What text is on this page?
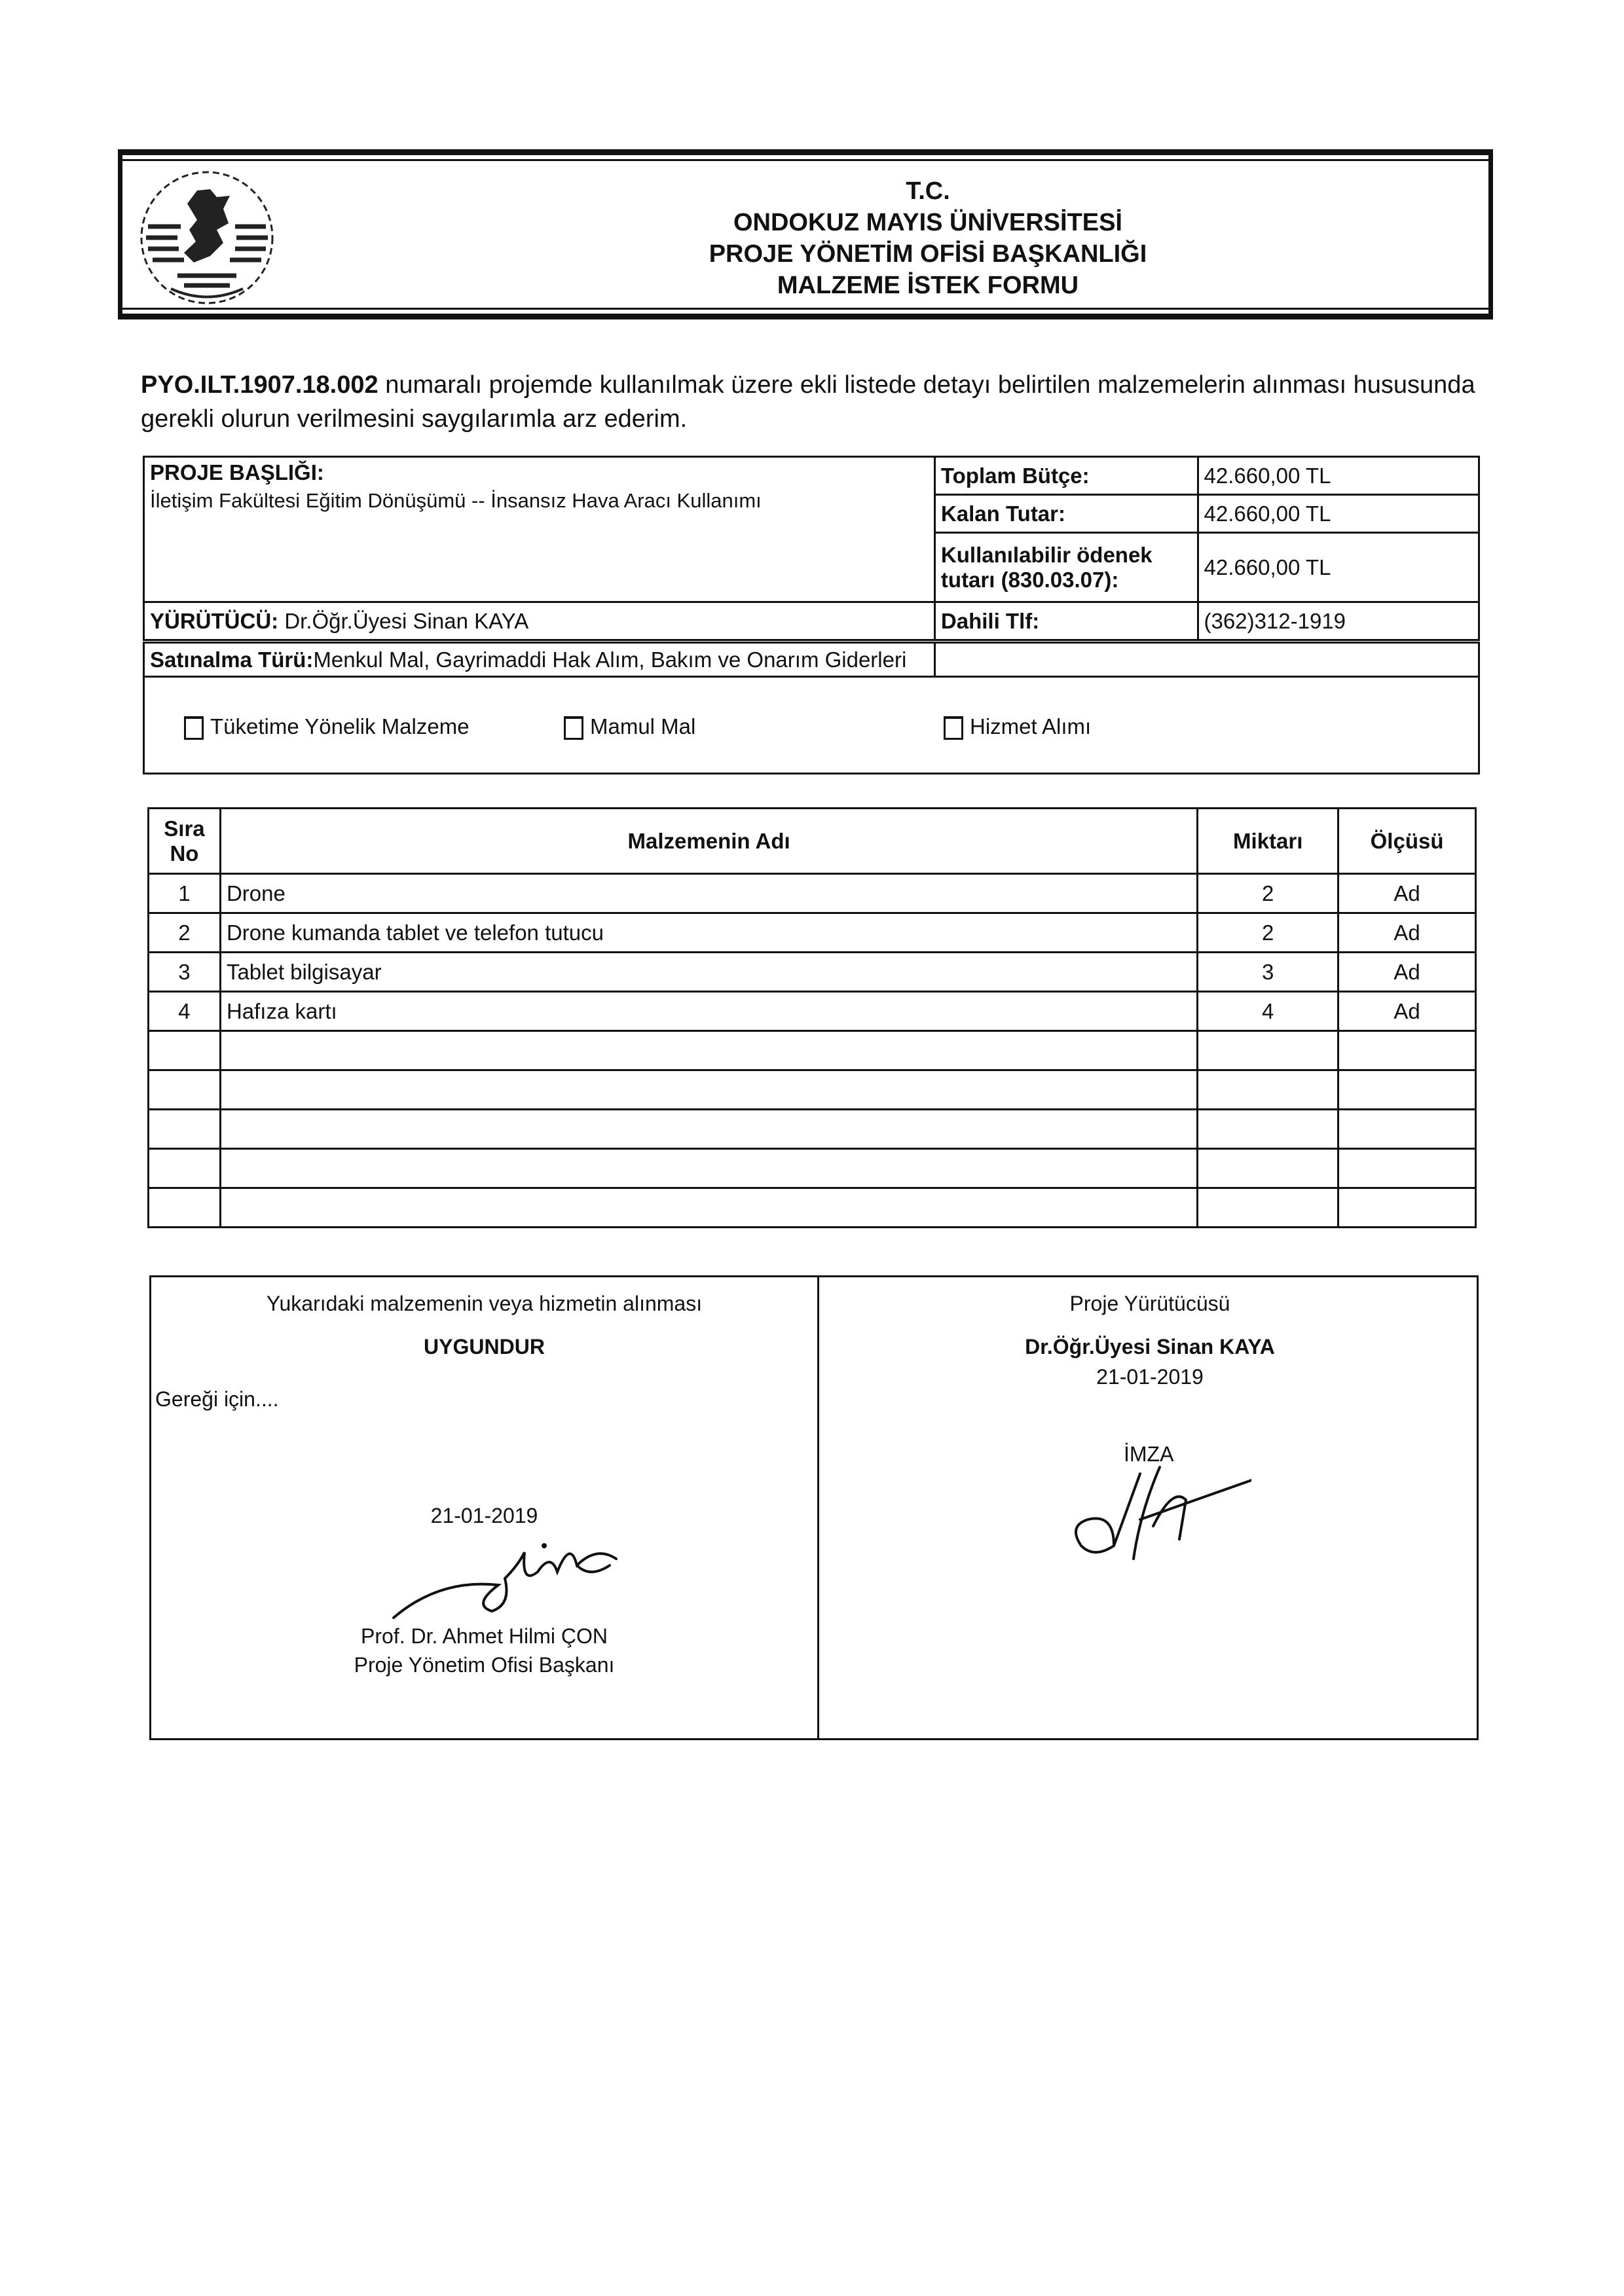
T.C.
ONDOKUZ MAYIS ÜNİVERSİTESİ
PROJE YÖNETİM OFİSİ BAŞKANLIĞI
MALZEME İSTEK FORMU
PYO.ILT.1907.18.002 numaralı projemde kullanılmak üzere ekli listede detayı belirtilen malzemelerin alınması hususunda
gerekli olurun verilmesini saygılarımla arz ederim.
PROJE BAŞLIĞI:
İletişim Fakültesi Eğitim Dönüşümü -- İnsansız Hava Aracı Kullanımı	Toplam Bütçe:	42.660,00 TL
	Kalan Tutar:	42.660,00 TL

	Kullanılabilir ödenek
tutarı (830.03.07):	42.660,00 TL
YÜRÜTÜCÜ: Dr.Öğr.Üyesi Sinan KAYA	Dahili Tlf:	(362)312-1919
Satınalma Türü:Menkul Mal, Gayrimaddi Hak Alım, Bakım ve Onarım Giderleri	

Tüketime Yönelik Malzeme	Mamul Mal	Hizmet Alımı
Sıra
No	Malzemenin Adı	Miktarı	Ölçüsü
1	Drone	2	Ad
2	Drone kumanda tablet ve telefon tutucu	2	Ad
3	Tablet bilgisayar	3	Ad
4	Hafıza kartı	4	Ad

Yukarıdaki malzemenin veya hizmetin alınması
UYGUNDUR
Gereği için....
21-01-2019
Prof. Dr. Ahmet Hilmi ÇON
Proje Yönetim Ofisi Başkanı
Proje Yürütücüsü
Dr.Öğr.Üyesi Sinan KAYA
21-01-2019
İMZA
